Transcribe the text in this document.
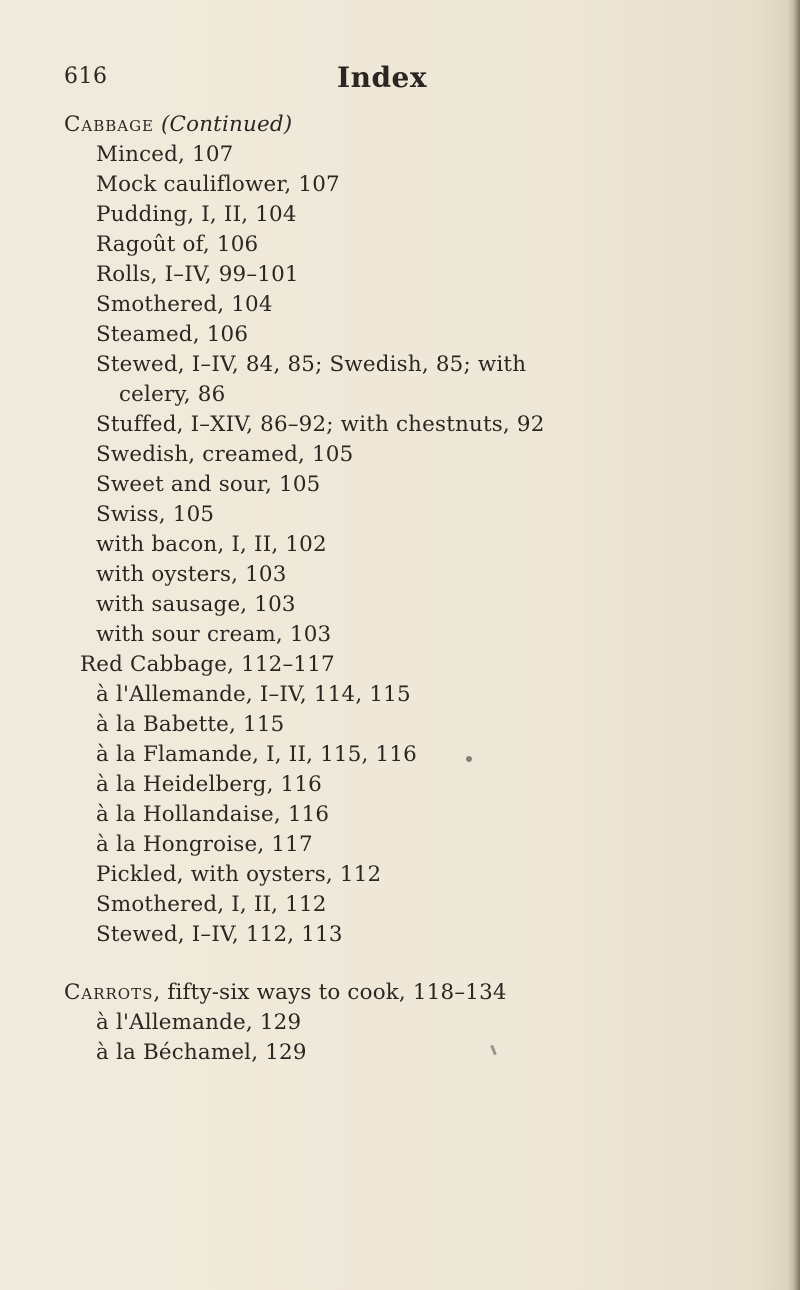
616	Index
Cabbage (Continued)
Minced, 107
Mock cauliflower, 107
Pudding, I, II, 104
Ragoût of, 106
Rolls, I–IV, 99–101
Smothered, 104
Steamed, 106
Stewed, I–IV, 84, 85; Swedish, 85; with
celery, 86
Stuffed, I–XIV, 86–92; with chestnuts, 92
Swedish, creamed, 105
Sweet and sour, 105
Swiss, 105
with bacon, I, II, 102
with oysters, 103
with sausage, 103
with sour cream, 103
Red Cabbage, 112–117
à l'Allemande, I–IV, 114, 115
à la Babette, 115
à la Flamande, I, II, 115, 116
à la Heidelberg, 116
à la Hollandaise, 116
à la Hongroise, 117
Pickled, with oysters, 112
Smothered, I, II, 112
Stewed, I–IV, 112, 113
Carrots, fifty-six ways to cook, 118–134
à l'Allemande, 129
à la Béchamel, 129
